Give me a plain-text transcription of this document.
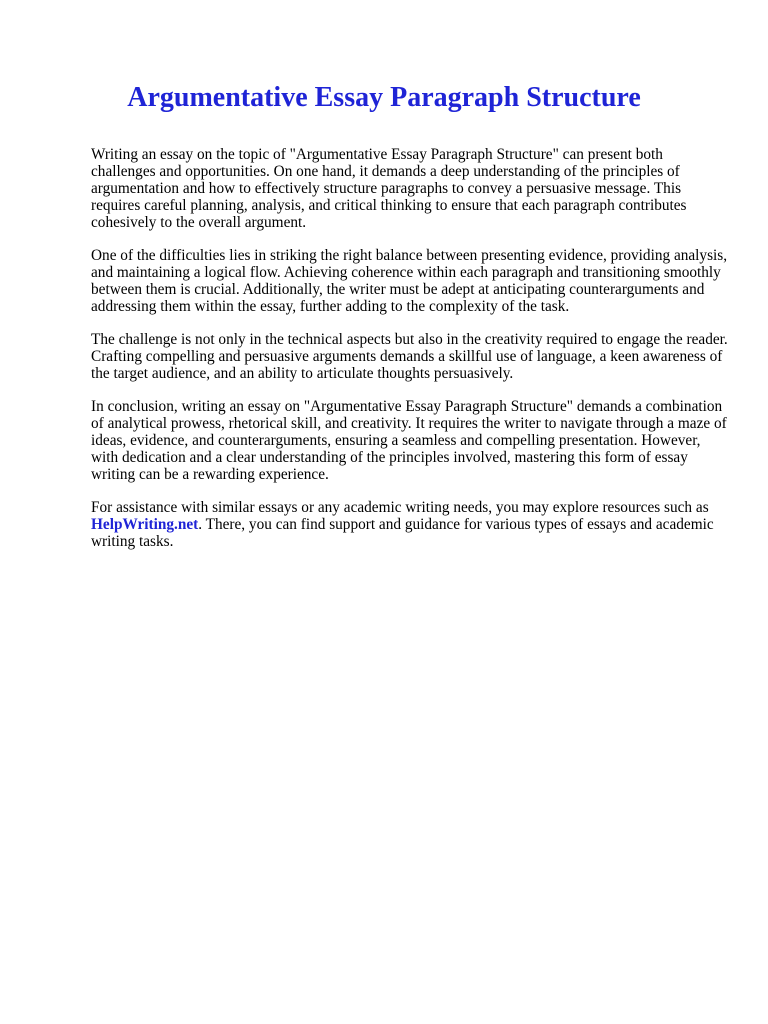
Argumentative Essay Paragraph Structure

Writing an essay on the topic of "Argumentative Essay Paragraph Structure" can present both challenges and opportunities. On one hand, it demands a deep understanding of the principles of argumentation and how to effectively structure paragraphs to convey a persuasive message. This requires careful planning, analysis, and critical thinking to ensure that each paragraph contributes cohesively to the overall argument.

One of the difficulties lies in striking the right balance between presenting evidence, providing analysis, and maintaining a logical flow. Achieving coherence within each paragraph and transitioning smoothly between them is crucial. Additionally, the writer must be adept at anticipating counterarguments and addressing them within the essay, further adding to the complexity of the task.

The challenge is not only in the technical aspects but also in the creativity required to engage the reader. Crafting compelling and persuasive arguments demands a skillful use of language, a keen awareness of the target audience, and an ability to articulate thoughts persuasively.

In conclusion, writing an essay on "Argumentative Essay Paragraph Structure" demands a combination of analytical prowess, rhetorical skill, and creativity. It requires the writer to navigate through a maze of ideas, evidence, and counterarguments, ensuring a seamless and compelling presentation. However, with dedication and a clear understanding of the principles involved, mastering this form of essay writing can be a rewarding experience.

For assistance with similar essays or any academic writing needs, you may explore resources such as HelpWriting.net. There, you can find support and guidance for various types of essays and academic writing tasks.
